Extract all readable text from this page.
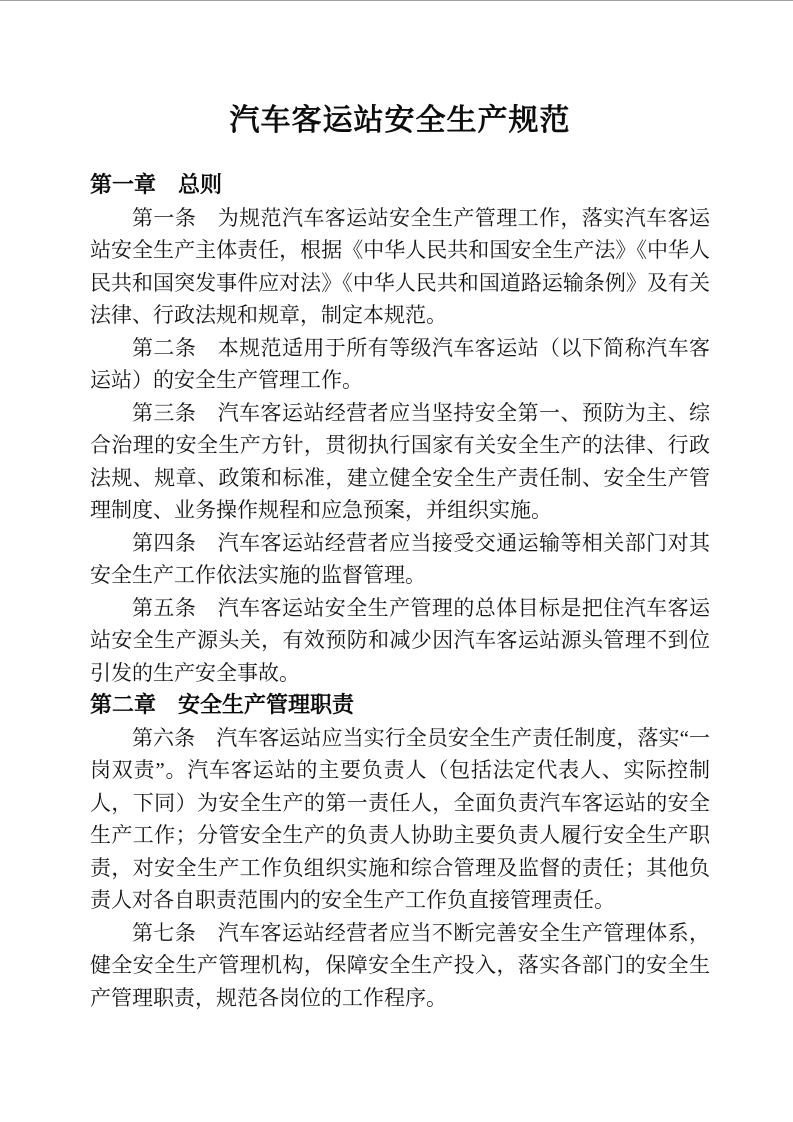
汽车客运站安全生产规范
第一章　总则

第一条　为规范汽车客运站安全生产管理工作，落实汽车客运站安全生产主体责任，根据《中华人民共和国安全生产法》《中华人民共和国突发事件应对法》《中华人民共和国道路运输条例》及有关法律、行政法规和规章，制定本规范。

第二条　本规范适用于所有等级汽车客运站（以下简称汽车客运站）的安全生产管理工作。

第三条　汽车客运站经营者应当坚持安全第一、预防为主、综合治理的安全生产方针，贯彻执行国家有关安全生产的法律、行政法规、规章、政策和标准，建立健全安全生产责任制、安全生产管理制度、业务操作规程和应急预案，并组织实施。

第四条　汽车客运站经营者应当接受交通运输等相关部门对其安全生产工作依法实施的监督管理。

第五条　汽车客运站安全生产管理的总体目标是把住汽车客运站安全生产源头关，有效预防和减少因汽车客运站源头管理不到位引发的生产安全事故。

第二章　安全生产管理职责

第六条　汽车客运站应当实行全员安全生产责任制度，落实“一岗双责”。汽车客运站的主要负责人（包括法定代表人、实际控制人，下同）为安全生产的第一责任人，全面负责汽车客运站的安全生产工作；分管安全生产的负责人协助主要负责人履行安全生产职责，对安全生产工作负组织实施和综合管理及监督的责任；其他负责人对各自职责范围内的安全生产工作负直接管理责任。

第七条　汽车客运站经营者应当不断完善安全生产管理体系，健全安全生产管理机构，保障安全生产投入，落实各部门的安全生产管理职责，规范各岗位的工作程序。
